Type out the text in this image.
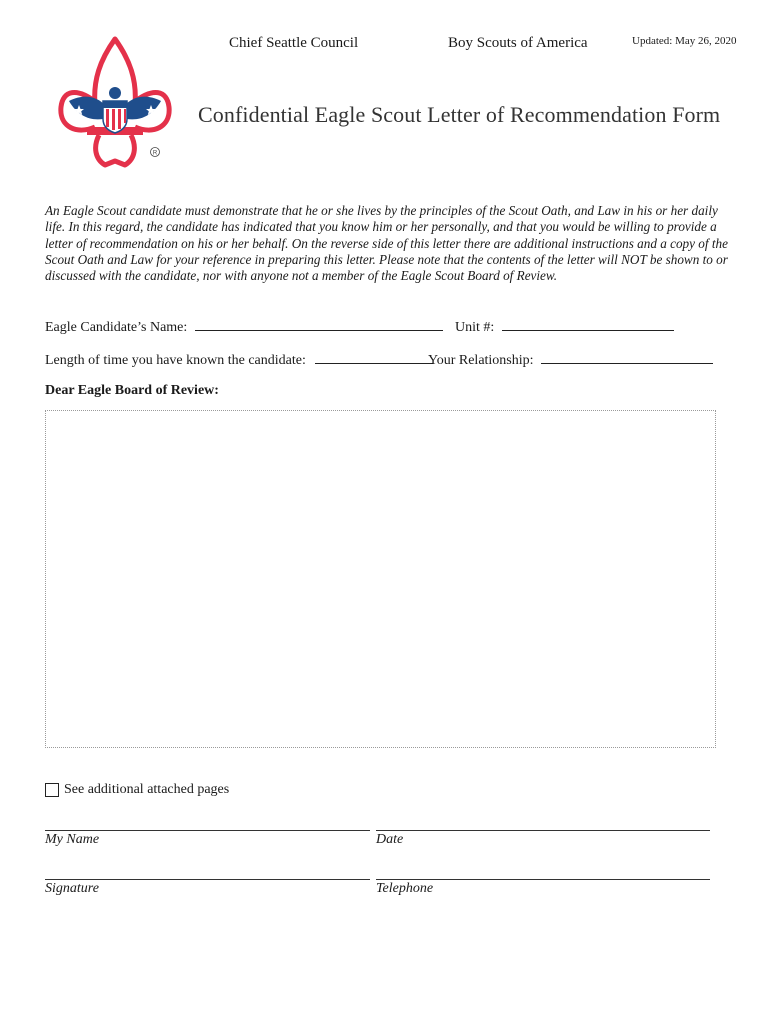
R
Chief Seattle Council	Boy Scouts of America	Updated: May 26, 2020
Confidential Eagle Scout Letter of Recommendation Form
An Eagle Scout candidate must demonstrate that he or she lives by the principles of the Scout Oath, and Law in his or her daily life. In this regard, the candidate has indicated that you know him or her personally, and that you would be willing to provide a letter of recommendation on his or her behalf. On the reverse side of this letter there are additional instructions and a copy of the Scout Oath and Law for your reference in preparing this letter. Please note that the contents of the letter will NOT be shown to or discussed with the candidate, nor with anyone not a member of the Eagle Scout Board of Review.
Eagle Candidate’s Name:	Unit #:
Length of time you have known the candidate:	Your Relationship:
Dear Eagle Board of Review:
See additional attached pages
My Name	Date
Signature	Telephone
